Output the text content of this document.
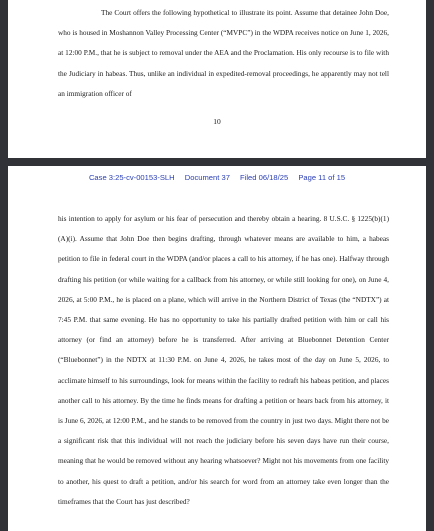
The Court offers the following hypothetical to illustrate its point. Assume that detainee John Doe, who is housed in Moshannon Valley Processing Center (“MVPC”) in the WDPA receives notice on June 1, 2026, at 12:00 P.M., that he is subject to removal under the AEA and the Proclamation. His only recourse is to file with the Judiciary in habeas. Thus, unlike an individual in expedited-removal proceedings, he apparently may not tell an immigration officer of

10

Case 3:25-cv-00153-SLH Document 37 Filed 06/18/25 Page 11 of 15

his intention to apply for asylum or his fear of persecution and thereby obtain a hearing. 8 U.S.C. § 1225(b)(1)(A)(i). Assume that John Doe then begins drafting, through whatever means are available to him, a habeas petition to file in federal court in the WDPA (and/or places a call to his attorney, if he has one). Halfway through drafting his petition (or while waiting for a callback from his attorney, or while still looking for one), on June 4, 2026, at 5:00 P.M., he is placed on a plane, which will arrive in the Northern District of Texas (the “NDTX”) at 7:45 P.M. that same evening. He has no opportunity to take his partially drafted petition with him or call his attorney (or find an attorney) before he is transferred. After arriving at Bluebonnet Detention Center (“Bluebonnet”) in the NDTX at 11:30 P.M. on June 4, 2026, he takes most of the day on June 5, 2026, to acclimate himself to his surroundings, look for means within the facility to redraft his habeas petition, and places another call to his attorney. By the time he finds means for drafting a petition or hears back from his attorney, it is June 6, 2026, at 12:00 P.M., and he stands to be removed from the country in just two days. Might there not be a significant risk that this individual will not reach the judiciary before his seven days have run their course, meaning that he would be removed without any hearing whatsoever? Might not his movements from one facility to another, his quest to draft a petition, and/or his search for word from an attorney take even longer than the timeframes that the Court has just described?
